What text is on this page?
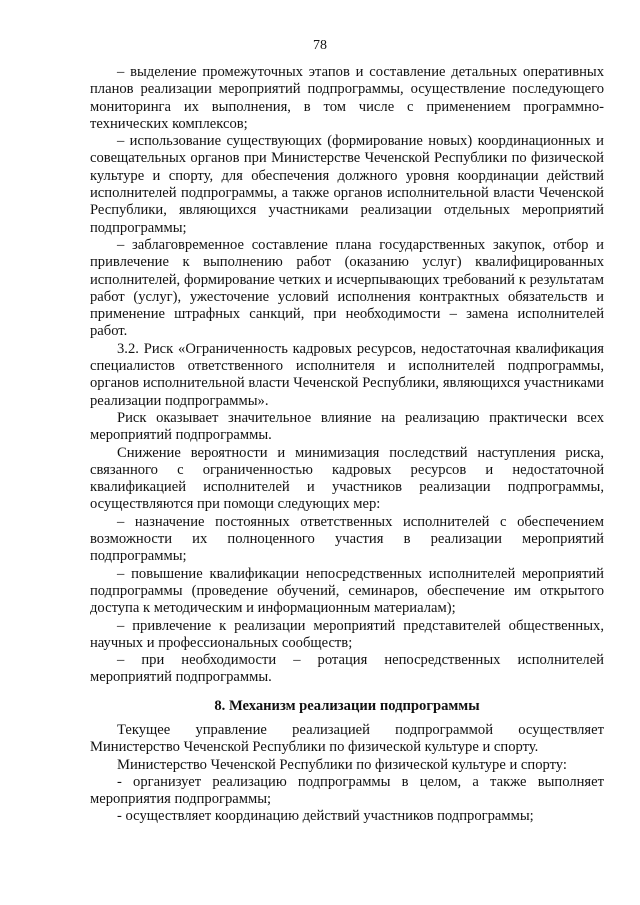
78

– выделение промежуточных этапов и составление детальных оперативных планов реализации мероприятий подпрограммы, осуществление последующего мониторинга их выполнения, в том числе с применением программно-технических комплексов;

– использование существующих (формирование новых) координационных и совещательных органов при Министерстве Чеченской Республики по физической культуре и спорту, для обеспечения должного уровня координации действий исполнителей подпрограммы, а также органов исполнительной власти Чеченской Республики, являющихся участниками реализации отдельных мероприятий подпрограммы;

– заблаговременное составление плана государственных закупок, отбор и привлечение к выполнению работ (оказанию услуг) квалифицированных исполнителей, формирование четких и исчерпывающих требований к результатам работ (услуг), ужесточение условий исполнения контрактных обязательств и применение штрафных санкций, при необходимости – замена исполнителей работ.

3.2. Риск «Ограниченность кадровых ресурсов, недостаточная квалификация специалистов ответственного исполнителя и исполнителей подпрограммы, органов исполнительной власти Чеченской Республики, являющихся участниками реализации подпрограммы».

Риск оказывает значительное влияние на реализацию практически всех мероприятий подпрограммы.

Снижение вероятности и минимизация последствий наступления риска, связанного с ограниченностью кадровых ресурсов и недостаточной квалификацией исполнителей и участников реализации подпрограммы, осуществляются при помощи следующих мер:

– назначение постоянных ответственных исполнителей с обеспечением возможности их полноценного участия в реализации мероприятий подпрограммы;

– повышение квалификации непосредственных исполнителей мероприятий подпрограммы (проведение обучений, семинаров, обеспечение им открытого доступа к методическим и информационным материалам);

– привлечение к реализации мероприятий представителей общественных, научных и профессиональных сообществ;

– при необходимости – ротация непосредственных исполнителей мероприятий подпрограммы.

8. Механизм реализации подпрограммы

Текущее управление реализацией подпрограммой осуществляет Министерство Чеченской Республики по физической культуре и спорту.

Министерство Чеченской Республики по физической культуре и спорту:

- организует реализацию подпрограммы в целом, а также выполняет мероприятия подпрограммы;

- осуществляет координацию действий участников подпрограммы;
